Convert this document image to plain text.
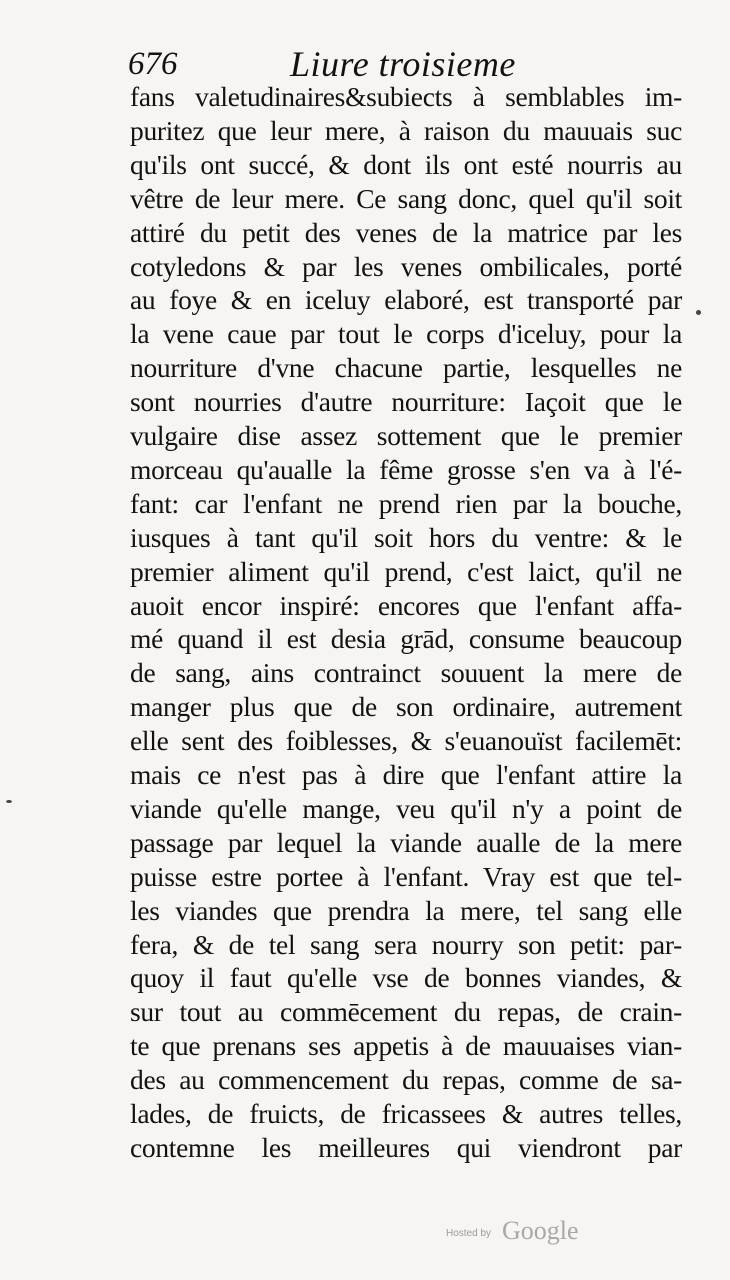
676	Liure troisieme
fans valetudinaires&subiects à semblables im-
puritez que leur mere, à raison du mauuais suc
qu'ils ont succé, & dont ils ont esté nourris au
vêtre de leur mere. Ce sang donc, quel qu'il soit
attiré du petit des venes de la matrice par les
cotyledons & par les venes ombilicales, porté
au foye & en iceluy elaboré, est transporté par
la vene caue par tout le corps d'iceluy, pour la
nourriture d'vne chacune partie, lesquelles ne
sont nourries d'autre nourriture: Iaçoit que le
vulgaire dise assez sottement que le premier
morceau qu'aualle la fême grosse s'en va à l'é-
fant: car l'enfant ne prend rien par la bouche,
iusques à tant qu'il soit hors du ventre: & le
premier aliment qu'il prend, c'est laict, qu'il ne
auoit encor inspiré: encores que l'enfant affa-
mé quand il est desia grād, consume beaucoup
de sang, ains contrainct souuent la mere de
manger plus que de son ordinaire, autrement
elle sent des foiblesses, & s'euanouïst facilemēt:
mais ce n'est pas à dire que l'enfant attire la
viande qu'elle mange, veu qu'il n'y a point de
passage par lequel la viande aualle de la mere
puisse estre portee à l'enfant. Vray est que tel-
les viandes que prendra la mere, tel sang elle
fera, & de tel sang sera nourry son petit: par-
quoy il faut qu'elle vse de bonnes viandes, &
sur tout au commēcement du repas, de crain-
te que prenans ses appetis à de mauuaises vian-
des au commencement du repas, comme de sa-
lades, de fruicts, de fricassees & autres telles,
contemne les meilleures qui viendront par
Hosted by Google
